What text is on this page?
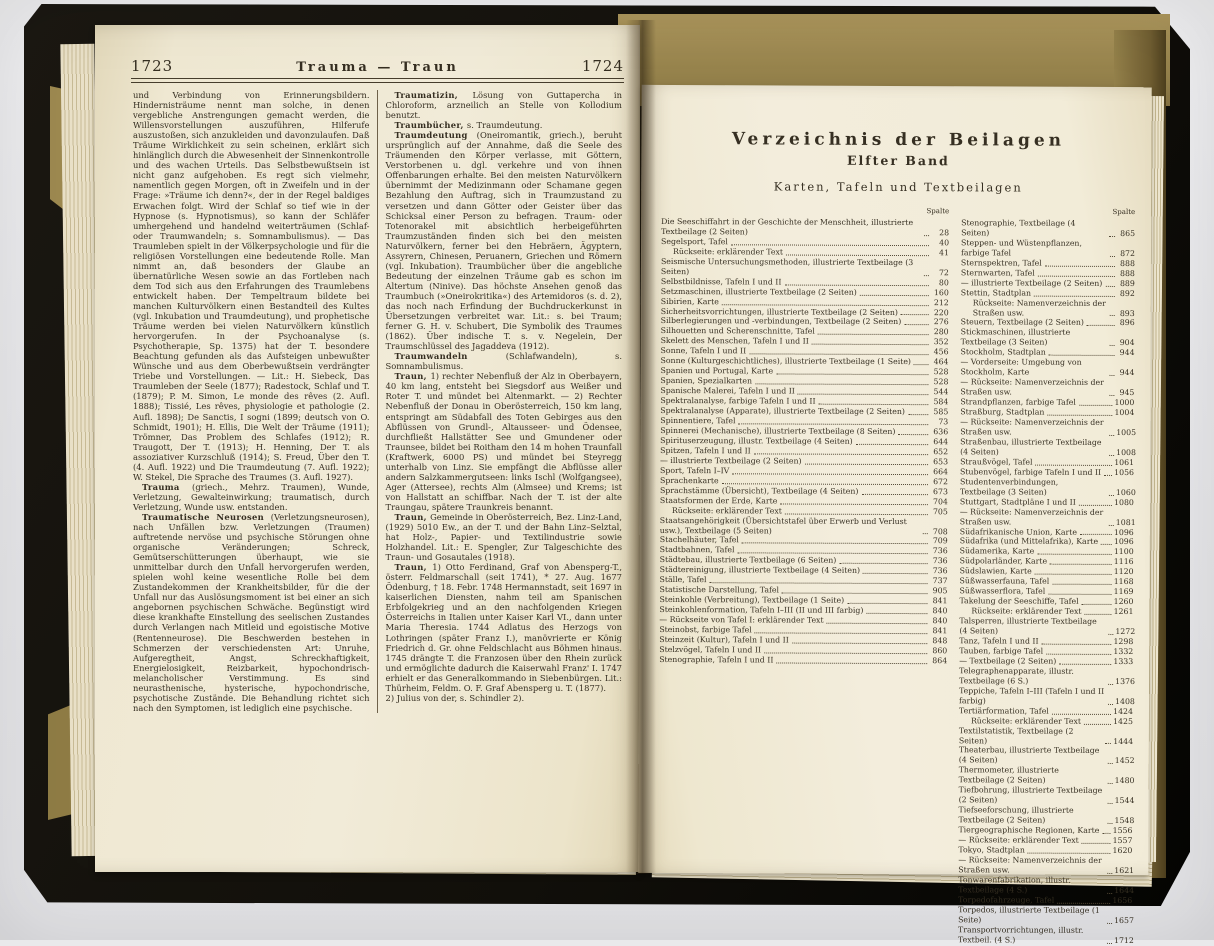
1723	Trauma — Traun	1724

und Verbindung von Erinnerungsbildern. Hindernisträume nennt man solche, in denen vergebliche Anstrengungen gemacht werden, die Willensvorstellungen auszuführen, Hilferufe auszustoßen, sich anzukleiden und davonzulaufen. Daß Träume Wirklichkeit zu sein scheinen, erklärt sich hinlänglich durch die Abwesenheit der Sinnenkontrolle und des wachen Urteils. Das Selbstbewußtsein ist nicht ganz aufgehoben. Es regt sich vielmehr, namentlich gegen Morgen, oft in Zweifeln und in der Frage: »Träume ich denn?«, der in der Regel baldiges Erwachen folgt. Wird der Schlaf so tief wie in der Hypnose (s. Hypnotismus), so kann der Schläfer umhergehend und handelnd weiterträumen (Schlaf- oder Traumwandeln; s. Somnambulismus). — Das Traumleben spielt in der Völkerpsychologie und für die religiösen Vorstellungen eine bedeutende Rolle. Man nimmt an, daß besonders der Glaube an übernatürliche Wesen sowie an das Fortleben nach dem Tod sich aus den Erfahrungen des Traumlebens entwickelt haben. Der Tempeltraum bildete bei manchen Kulturvölkern einen Bestandteil des Kultes (vgl. Inkubation und Traumdeutung), und prophetische Träume werden bei vielen Naturvölkern künstlich hervorgerufen. In der Psychoanalyse (s. Psychotherapie, Sp. 1375) hat der T. besondere Beachtung gefunden als das Aufsteigen unbewußter Wünsche und aus dem Oberbewußtsein verdrängter Triebe und Vorstellungen. — Lit.: H. Siebeck, Das Traumleben der Seele (1877); Radestock, Schlaf und T. (1879); P. M. Simon, Le monde des rêves (2. Aufl. 1888); Tissié, Les rêves, physiologie et pathologie (2. Aufl. 1898); De Sanctis, I sogni (1899; deutsch von O. Schmidt, 1901); H. Ellis, Die Welt der Träume (1911); Trömner, Das Problem des Schlafes (1912); R. Traugott, Der T. (1913); H. Henning, Der T. als assoziativer Kurzschluß (1914); S. Freud, Über den T. (4. Aufl. 1922) und Die Traumdeutung (7. Aufl. 1922); W. Stekel, Die Sprache des Traumes (3. Aufl. 1927).

Trauma (griech., Mehrz. Traumen), Wunde, Verletzung, Gewalteinwirkung; traumatisch, durch Verletzung, Wunde usw. entstanden.

Traumatische Neurosen (Verletzungsneurosen), nach Unfällen bzw. Verletzungen (Traumen) auftretende nervöse und psychische Störungen ohne organische Veränderungen; Schreck, Gemütserschütterungen überhaupt, wie sie unmittelbar durch den Unfall hervorgerufen werden, spielen wohl keine wesentliche Rolle bei dem Zustandekommen der Krankheitsbilder, für die der Unfall nur das Auslösungsmoment ist bei einer an sich angebornen psychischen Schwäche. Begünstigt wird diese krankhafte Einstellung des seelischen Zustandes durch Verlangen nach Mitleid und egoistische Motive (Rentenneurose). Die Beschwerden bestehen in Schmerzen der verschiedensten Art: Unruhe, Aufgeregtheit, Angst, Schreckhaftigkeit, Energielosigkeit, Reizbarkeit, hypochondrisch-melancholischer Verstimmung. Es sind neurasthenische, hysterische, hypochondrische, psychotische Zustände. Die Behandlung richtet sich nach den Symptomen, ist lediglich eine psychische.

Traumatizin, Lösung von Guttapercha in Chloroform, arzneilich an Stelle von Kollodium benutzt.

Traumbücher, s. Traumdeutung.

Traumdeutung (Oneiromantik, griech.), beruht ursprünglich auf der Annahme, daß die Seele des Träumenden den Körper verlasse, mit Göttern, Verstorbenen u. dgl. verkehre und von ihnen Offenbarungen erhalte. Bei den meisten Naturvölkern übernimmt der Medizinmann oder Schamane gegen Bezahlung den Auftrag, sich in Traumzustand zu versetzen und dann Götter oder Geister über das Schicksal einer Person zu befragen. Traum- oder Totenorakel mit absichtlich herbeigeführten Traumzuständen finden sich bei den meisten Naturvölkern, ferner bei den Hebräern, Ägyptern, Assyrern, Chinesen, Peruanern, Griechen und Römern (vgl. Inkubation). Traumbücher über die angebliche Bedeutung der einzelnen Träume gab es schon im Altertum (Ninive). Das höchste Ansehen genoß das Traumbuch (»Oneirokritika«) des Artemidoros (s. d. 2), das noch nach Erfindung der Buchdruckerkunst in Übersetzungen verbreitet war. Lit.: s. bei Traum; ferner G. H. v. Schubert, Die Symbolik des Traumes (1862). Über indische T. s. v. Negelein, Der Traumschlüssel des Jagaddeva (1912).

Traumwandeln (Schlafwandeln), s. Somnambulismus.

Traun, 1) rechter Nebenfluß der Alz in Oberbayern, 40 km lang, entsteht bei Siegsdorf aus Weißer und Roter T. und mündet bei Altenmarkt. — 2) Rechter Nebenfluß der Donau in Oberösterreich, 150 km lang, entspringt am Südabfall des Toten Gebirges aus den Abflüssen von Grundl-, Altausseer- und Ödensee, durchfließt Hallstätter See und Gmundener oder Traunsee, bildet bei Roitham den 14 m hohen Traunfall (Kraftwerk, 6000 PS) und mündet bei Steyregg unterhalb von Linz. Sie empfängt die Abflüsse aller andern Salzkammergutseen: links Ischl (Wolfgangsee), Ager (Attersee), rechts Alm (Almsee) und Krems; ist von Hallstatt an schiffbar. Nach der T. ist der alte Traungau, spätere Traunkreis benannt.

Traun, Gemeinde in Oberösterreich, Bez. Linz-Land, (1929) 5010 Ew., an der T. und der Bahn Linz–Selztal, hat Holz-, Papier- und Textilindustrie sowie Holzhandel. Lit.: E. Spengler, Zur Talgeschichte des Traun- und Gosautales (1918).

Traun, 1) Otto Ferdinand, Graf von Abensperg-T., österr. Feldmarschall (seit 1741), * 27. Aug. 1677 Ödenburg, † 18. Febr. 1748 Hermannstadt, seit 1697 in kaiserlichen Diensten, nahm teil am Spanischen Erbfolgekrieg und an den nachfolgenden Kriegen Österreichs in Italien unter Kaiser Karl VI., dann unter Maria Theresia. 1744 Adlatus des Herzogs von Lothringen (später Franz I.), manövrierte er König Friedrich d. Gr. ohne Feldschlacht aus Böhmen hinaus. 1745 drängte T. die Franzosen über den Rhein zurück und ermöglichte dadurch die Kaiserwahl Franz' I. 1747 erhielt er das Generalkommando in Siebenbürgen. Lit.: Thürheim, Feldm. O. F. Graf Abensperg u. T. (1877).

2) Julius von der, s. Schindler 2).

Verzeichnis der Beilagen
Elfter Band
Karten, Tafeln und Textbeilagen
Spalte
Die Seeschiffahrt in der Geschichte der Menschheit, illustrierte Textbeilage (2 Seiten)	28
Segelsport, Tafel	40
Rückseite: erklärender Text	41
Seismische Untersuchungsmethoden, illustrierte Textbeilage (3 Seiten)	72
Selbstbildnisse, Tafeln I und II	80
Setzmaschinen, illustrierte Textbeilage (2 Seiten)	160
Sibirien, Karte	212
Sicherheitsvorrichtungen, illustrierte Textbeilage (2 Seiten)	220
Silberlegierungen und -verbindungen, Textbeilage (2 Seiten)	276
Silhouetten und Scherenschnitte, Tafel	280
Skelett des Menschen, Tafeln I und II	352
Sonne, Tafeln I und II	456
Sonne (Kulturgeschichtliches), illustrierte Textbeilage (1 Seite)	464
Spanien und Portugal, Karte	528
Spanien, Spezialkarten	528
Spanische Malerei, Tafeln I und II	544
Spektralanalyse, farbige Tafeln I und II	584
Spektralanalyse (Apparate), illustrierte Textbeilage (2 Seiten)	585
Spinnentiere, Tafel	73
Spinnerei (Mechanische), illustrierte Textbeilage (8 Seiten)	636
Spirituserzeugung, illustr. Textbeilage (4 Seiten)	644
Spitzen, Tafeln I und II	652
— illustrierte Textbeilage (2 Seiten)	653
Sport, Tafeln I–IV	664
Sprachenkarte	672
Sprachstämme (Übersicht), Textbeilage (4 Seiten)	673
Staatsformen der Erde, Karte	704
Rückseite: erklärender Text	705
Staatsangehörigkeit (Übersichtstafel über Erwerb und Verlust usw.), Textbeilage (5 Seiten)	708
Stachelhäuter, Tafel	709
Stadtbahnen, Tafel	736
Städtebau, illustrierte Textbeilage (6 Seiten)	736
Städtereinigung, illustrierte Textbeilage (4 Seiten)	736
Ställe, Tafel	737
Statistische Darstellung, Tafel	905
Steinkohle (Verbreitung), Textbeilage (1 Seite)	841
Steinkohlenformation, Tafeln I–III (II und III farbig)	840
— Rückseite von Tafel I: erklärender Text	840
Steinobst, farbige Tafel	841
Steinzeit (Kultur), Tafeln I und II	848
Stelzvögel, Tafeln I und II	860
Stenographie, Tafeln I und II	864
Spalte
Stenographie, Textbeilage (4 Seiten)	865
Steppen- und Wüstenpflanzen, farbige Tafel	872
Sternspektren, Tafel	888
Sternwarten, Tafel	888
— illustrierte Textbeilage (2 Seiten)	889
Stettin, Stadtplan	892
Rückseite: Namenverzeichnis der Straßen usw.	893
Steuern, Textbeilage (2 Seiten)	896
Stickmaschinen, illustrierte Textbeilage (3 Seiten)	904
Stockholm, Stadtplan	944
— Vorderseite: Umgebung von Stockholm, Karte	944
— Rückseite: Namenverzeichnis der Straßen usw.	945
Strandpflanzen, farbige Tafel	1000
Straßburg, Stadtplan	1004
— Rückseite: Namenverzeichnis der Straßen usw.	1005
Straßenbau, illustrierte Textbeilage (4 Seiten)	1008
Straußvögel, Tafel	1061
Stubenvögel, farbige Tafeln I und II 1056
Studentenverbindungen, Textbeilage (3 Seiten)	1060
Stuttgart, Stadtpläne I und II	1080
— Rückseite: Namenverzeichnis der Straßen usw.	1081
Südafrikanische Union, Karte	1096
Südafrika (und Mittelafrika), Karte 1096
Südamerika, Karte	1100
Südpolarländer, Karte	1116
Südslawien, Karte	1120
Süßwasserfauna, Tafel	1168
Süßwasserflora, Tafel	1169
Takelung der Seeschiffe, Tafel	1260
Rückseite: erklärender Text	1261
Talsperren, illustrierte Textbeilage (4 Seiten)	1272
Tanz, Tafeln I und II	1298
Tauben, farbige Tafel	1332
— Textbeilage (2 Seiten)	1333
Telegraphenapparate, illustr. Textbeilage (6 S.)	1376
Teppiche, Tafeln I–III (Tafeln I und II farbig)	1408
Tertiärformation, Tafel	1424
Rückseite: erklärender Text	1425
Textilstatistik, Textbeilage (2 Seiten)	1444
Theaterbau, illustrierte Textbeilage (4 Seiten)	1452
Thermometer, illustrierte Textbeilage (2 Seiten)	1480
Tiefbohrung, illustrierte Textbeilage (2 Seiten)	1544
Tiefseeforschung, illustrierte Textbeilage (2 Seiten)	1548
Tiergeographische Regionen, Karte 1556
— Rückseite: erklärender Text	1557
Tokyo, Stadtplan	1620
— Rückseite: Namenverzeichnis der Straßen usw.	1621
Tonwarenfabrikation, illustr. Textbeilage (4 S.)	1644
Torpedofahrzeuge, Tafel	1656
Torpedos, illustrierte Textbeilage (1 Seite)	1657
Transportvorrichtungen, illustr. Textbeil. (4 S.)	1712
